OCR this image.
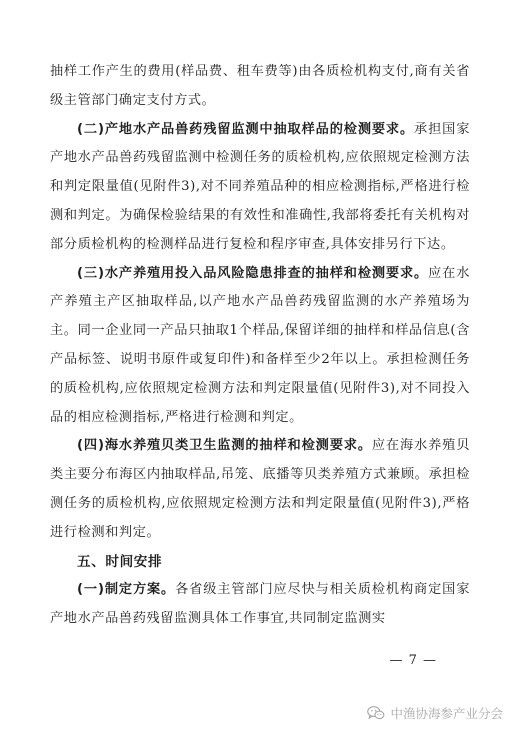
抽样工作产生的费用(样品费、租车费等)由各质检机构支付,商有关省级主管部门确定支付方式。

(二)产地水产品兽药残留监测中抽取样品的检测要求。承担国家产地水产品兽药残留监测中检测任务的质检机构,应依照规定检测方法和判定限量值(见附件3),对不同养殖品种的相应检测指标,严格进行检测和判定。为确保检验结果的有效性和准确性,我部将委托有关机构对部分质检机构的检测样品进行复检和程序审查,具体安排另行下达。

(三)水产养殖用投入品风险隐患排查的抽样和检测要求。应在水产养殖主产区抽取样品,以产地水产品兽药残留监测的水产养殖场为主。同一企业同一产品只抽取1个样品,保留详细的抽样和样品信息(含产品标签、说明书原件或复印件)和备样至少2年以上。承担检测任务的质检机构,应依照规定检测方法和判定限量值(见附件3),对不同投入品的相应检测指标,严格进行检测和判定。

(四)海水养殖贝类卫生监测的抽样和检测要求。应在海水养殖贝类主要分布海区内抽取样品,吊笼、底播等贝类养殖方式兼顾。承担检测任务的质检机构,应依照规定检测方法和判定限量值(见附件3),严格进行检测和判定。

五、时间安排

(一)制定方案。各省级主管部门应尽快与相关质检机构商定国家产地水产品兽药残留监测具体工作事宜,共同制定监测实

— 7 —
中渔协海参产业分会
